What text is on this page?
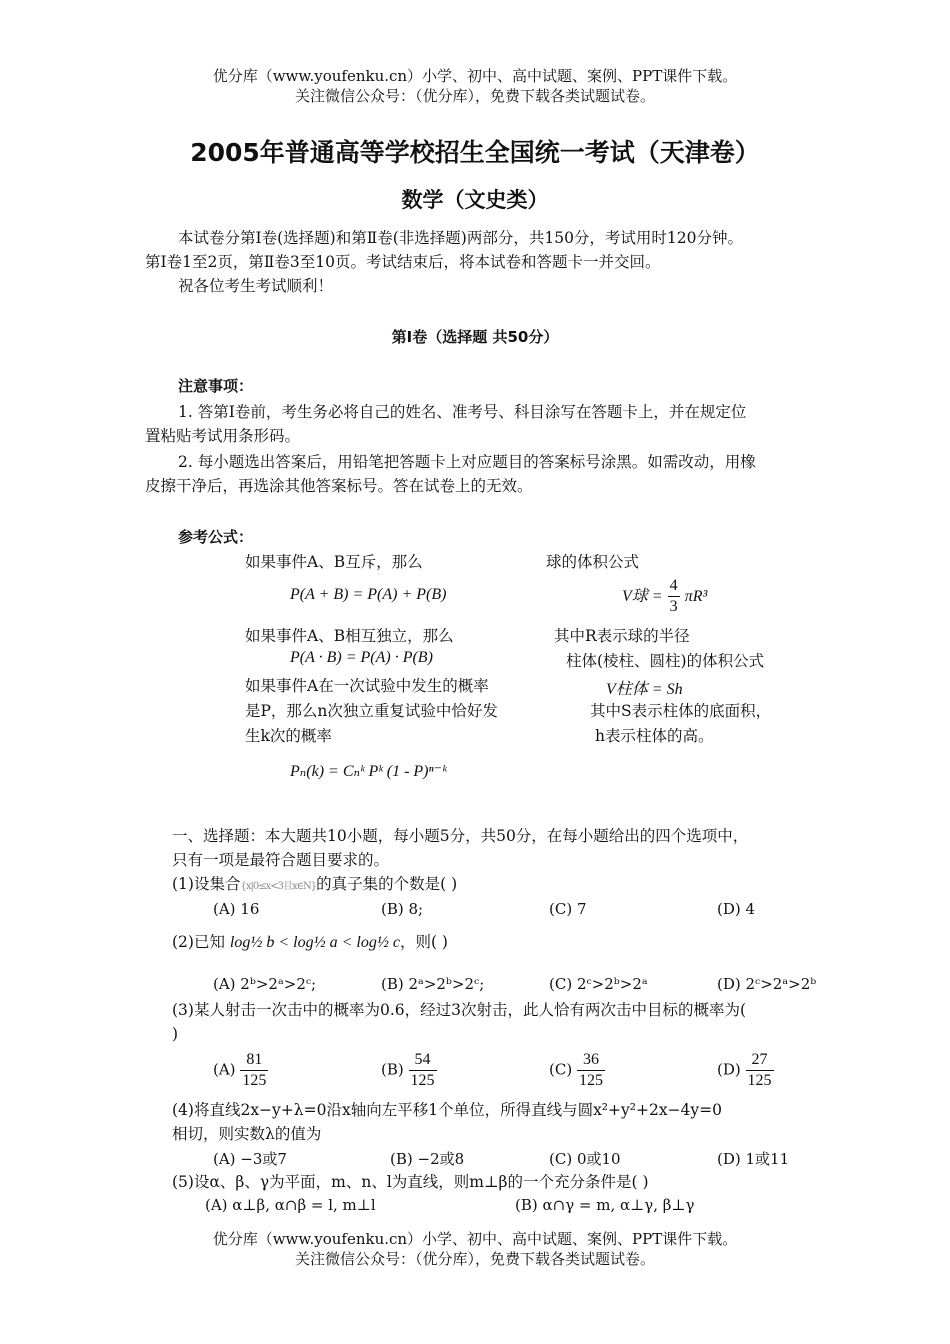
优分库（www.youfenku.cn）小学、初中、高中试题、案例、PPT课件下载。
关注微信公众号：（优分库），免费下载各类试题试卷。
2005年普通高等学校招生全国统一考试（天津卷）
数学（文史类）
本试卷分第Ⅰ卷(选择题)和第Ⅱ卷(非选择题)两部分，共150分，考试用时120分钟。
第Ⅰ卷1至2页，第Ⅱ卷3至10页。考试结束后，将本试卷和答题卡一并交回。
祝各位考生考试顺利！
第Ⅰ卷（选择题 共50分）
注意事项：
1. 答第Ⅰ卷前，考生务必将自己的姓名、准考号、科目涂写在答题卡上，并在规定位
置粘贴考试用条形码。
2. 每小题选出答案后，用铅笔把答题卡上对应题目的答案标号涂黑。如需改动，用橡
皮擦干净后，再选涂其他答案标号。答在试卷上的无效。
参考公式：
如果事件A、B互斥，那么
P(A + B) = P(A) + P(B)
如果事件A、B相互独立，那么
P(A · B) = P(A) · P(B)
如果事件A在一次试验中发生的概率
是P，那么n次独立重复试验中恰好发
生k次的概率
Pₙ(k) = Cₙᵏ Pᵏ (1 - P)ⁿ⁻ᵏ
球的体积公式
V球 = $\frac{4}{3} \pi R^3$
其中R表示球的半径
柱体(棱柱、圆柱)的体积公式
V柱体 = Sh
其中S表示柱体的底面积，
h表示柱体的高。
一、选择题：本大题共10小题，每小题5分，共50分，在每小题给出的四个选项中，
只有一项是最符合题目要求的。
(1)设集合{x|0≤x<3且x∈N}的真子集的个数是( )
(A) 16	(B) 8;	(C) 7	(D) 4
(2)已知 log½ b < log½ a < log½ c，则( )
(A) 2ᵇ>2ᵃ>2ᶜ;	(B) 2ᵃ>2ᵇ>2ᶜ;	(C) 2ᶜ>2ᵇ>2ᵃ	(D) 2ᶜ>2ᵃ>2ᵇ
(3)某人射击一次击中的概率为0.6，经过3次射击，此人恰有两次击中目标的概率为(
)
$(A) \frac{81}{125}$	$(B) \frac{54}{125}$	$(C) \frac{36}{125}$	$(D) \frac{27}{125}$
(4)将直线2x−y+λ=0沿x轴向左平移1个单位，所得直线与圆x²+y²+2x−4y=0
相切，则实数λ的值为
(A) −3或7	(B) −2或8	(C) 0或10	(D) 1或11
(5)设α、β、γ为平面，m、n、l为直线，则m⊥β的一个充分条件是( )
(A) α⊥β, α∩β = l, m⊥l	(B) α∩γ = m, α⊥γ, β⊥γ
优分库（www.youfenku.cn）小学、初中、高中试题、案例、PPT课件下载。
关注微信公众号：（优分库），免费下载各类试题试卷。
